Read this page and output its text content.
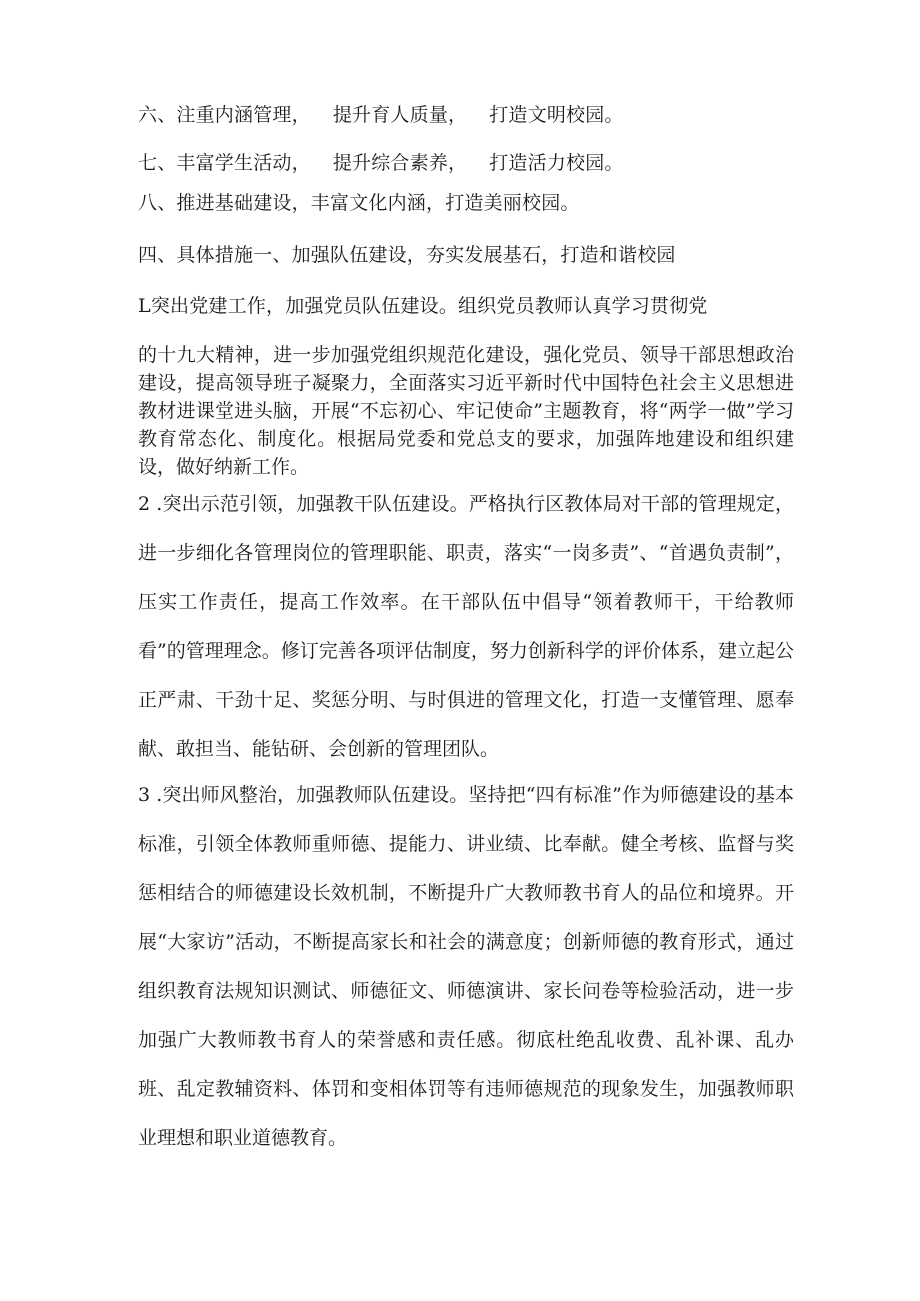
六、注重内涵管理， 提升育人质量， 打造文明校园。
七、丰富学生活动， 提升综合素养， 打造活力校园。
八、推进基础建设，丰富文化内涵，打造美丽校园。
四、具体措施一、加强队伍建设，夯实发展基石，打造和谐校园
L突出党建工作，加强党员队伍建设。组织党员教师认真学习贯彻党

的十九大精神，进一步加强党组织规范化建设，强化党员、领导干部思想政治建设，提高领导班子凝聚力，全面落实习近平新时代中国特色社会主义思想进教材进课堂进头脑，开展“不忘初心、牢记使命”主题教育，将“两学一做”学习教育常态化、制度化。根据局党委和党总支的要求，加强阵地建设和组织建设，做好纳新工作。

2 .突出示范引领，加强教干队伍建设。严格执行区教体局对干部的管理规定，进一步细化各管理岗位的管理职能、职责，落实“一岗多责”、“首遇负责制”，压实工作责任，提高工作效率。在干部队伍中倡导“领着教师干，干给教师看”的管理理念。修订完善各项评估制度，努力创新科学的评价体系，建立起公正严肃、干劲十足、奖惩分明、与时俱进的管理文化，打造一支懂管理、愿奉献、敢担当、能钻研、会创新的管理团队。

3 .突出师风整治，加强教师队伍建设。坚持把“四有标准”作为师德建设的基本标准，引领全体教师重师德、提能力、讲业绩、比奉献。健全考核、监督与奖惩相结合的师德建设长效机制，不断提升广大教师教书育人的品位和境界。开展“大家访”活动，不断提高家长和社会的满意度；创新师德的教育形式，通过组织教育法规知识测试、师德征文、师德演讲、家长问卷等检验活动，进一步加强广大教师教书育人的荣誉感和责任感。彻底杜绝乱收费、乱补课、乱办班、乱定教辅资料、体罚和变相体罚等有违师德规范的现象发生，加强教师职业理想和职业道德教育。
